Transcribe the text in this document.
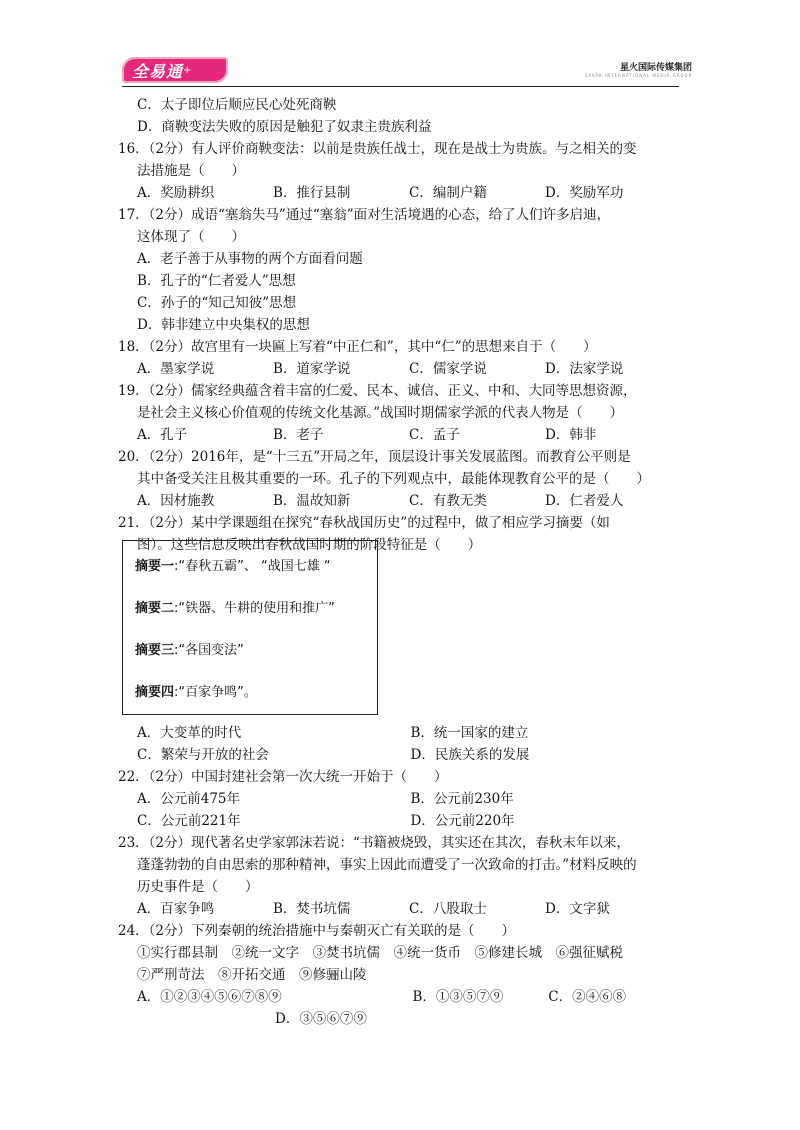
全易通 +	星火国际传媒集团
SPARK INTERNATIONAL MEDIA GROUP
C．太子即位后顺应民心处死商鞅
D．商鞅变法失败的原因是触犯了奴隶主贵族利益
16．（2分）有人评价商鞅变法：以前是贵族任战士，现在是战士为贵族。与之相关的变
法措施是（　　）
A．奖励耕织	B．推行县制	C．编制户籍	D．奖励军功
17．（2分）成语“塞翁失马”通过“塞翁”面对生活境遇的心态，给了人们许多启迪，
这体现了（　　）
A．老子善于从事物的两个方面看问题
B．孔子的“仁者爱人”思想
C．孙子的“知己知彼”思想
D．韩非建立中央集权的思想
18．（2分）故宫里有一块匾上写着“中正仁和”，其中“仁”的思想来自于（　　）
A．墨家学说	B．道家学说	C．儒家学说	D．法家学说
19．（2分）儒家经典蕴含着丰富的仁爱、民本、诚信、正义、中和、大同等思想资源，
是社会主义核心价值观的传统文化基源。”战国时期儒家学派的代表人物是（　　）
A．孔子	B．老子	C．孟子	D．韩非
20．（2分）2016年，是“十三五”开局之年，顶层设计事关发展蓝图。而教育公平则是
其中备受关注且极其重要的一环。孔子的下列观点中，最能体现教育公平的是（　　）
A．因材施教	B．温故知新	C．有教无类	D．仁者爱人
21．（2分）某中学课题组在探究“春秋战国历史”的过程中，做了相应学习摘要（如
图）。这些信息反映出春秋战国时期的阶段特征是（　　）
摘要一:“春秋五霸”、 “战国七雄 “
摘要二:“铁器、牛耕的使用和推广”
摘要三:“各国变法”
摘要四:“百家争鸣”。
A．大变革的时代	B．统一国家的建立
C．繁荣与开放的社会	D．民族关系的发展
22．（2分）中国封建社会第一次大统一开始于（　　）
A．公元前475年	B．公元前230年
C．公元前221年	D．公元前220年
23．（2分）现代著名史学家郭沫若说：“书籍被烧毁，其实还在其次，春秋末年以来，
蓬蓬勃勃的自由思索的那种精神，事实上因此而遭受了一次致命的打击。”材料反映的
历史事件是（　　）
A．百家争鸣	B．焚书坑儒	C．八股取士	D．文字狱
24．（2分）下列秦朝的统治措施中与秦朝灭亡有关联的是（　　）
①实行郡县制　②统一文字　③焚书坑儒　④统一货币　⑤修建长城　⑥强征赋税
⑦严刑苛法　⑧开拓交通　⑨修骊山陵
A．①②③④⑤⑥⑦⑧⑨	B．①③⑤⑦⑨	C．②④⑥⑧
D．③⑤⑥⑦⑨
